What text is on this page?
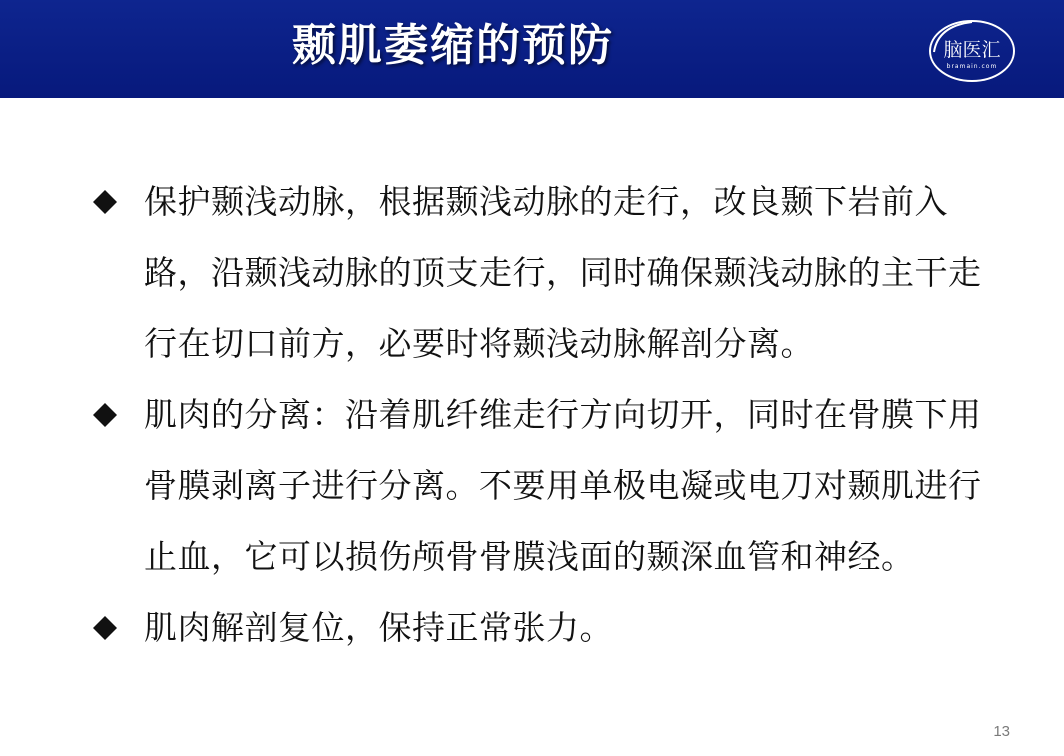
颞肌萎缩的预防	脑医汇
bramain.com
保护颞浅动脉，根据颞浅动脉的走行，改良颞下岩前入路，沿颞浅动脉的顶支走行，同时确保颞浅动脉的主干走行在切口前方，必要时将颞浅动脉解剖分离。
肌肉的分离：沿着肌纤维走行方向切开，同时在骨膜下用骨膜剥离子进行分离。不要用单极电凝或电刀对颞肌进行止血，它可以损伤颅骨骨膜浅面的颞深血管和神经。
肌肉解剖复位，保持正常张力。
13
